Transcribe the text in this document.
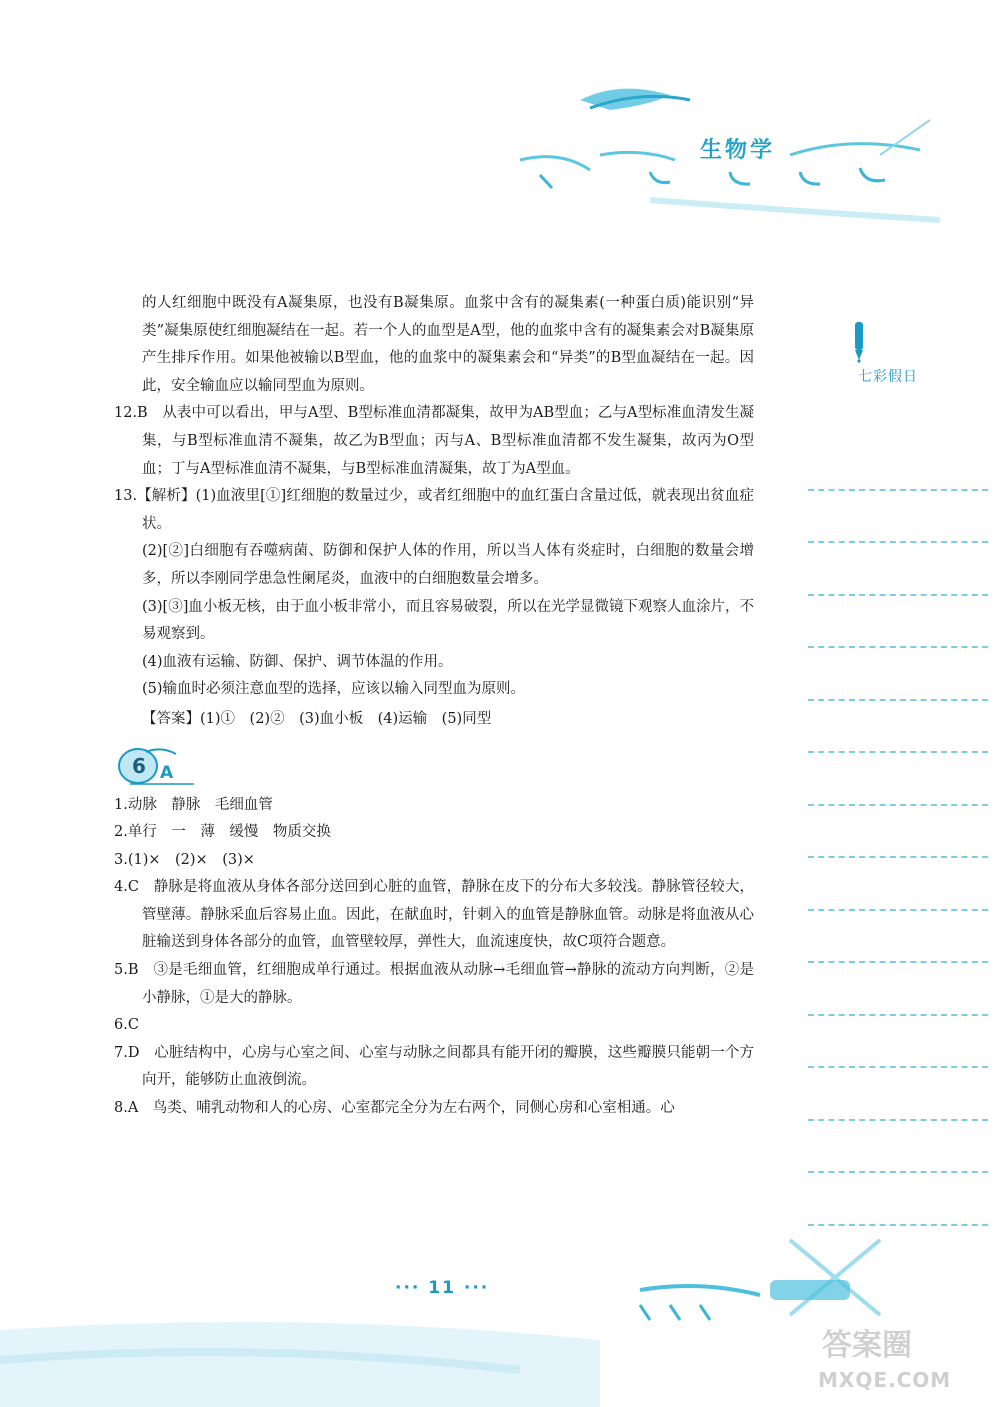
生物学
七彩假日

的人红细胞中既没有A凝集原，也没有B凝集原。血浆中含有的凝集素(一种蛋白质)能识别“异类”凝集原使红细胞凝结在一起。若一个人的血型是A型，他的血浆中含有的凝集素会对B凝集原产生排斥作用。如果他被输以B型血，他的血浆中的凝集素会和“异类”的B型血凝结在一起。因此，安全输血应以输同型血为原则。

12.B　从表中可以看出，甲与A型、B型标准血清都凝集，故甲为AB型血；乙与A型标准血清发生凝集，与B型标准血清不凝集，故乙为B型血；丙与A、B型标准血清都不发生凝集，故丙为O型血；丁与A型标准血清不凝集，与B型标准血清凝集，故丁为A型血。

13.【解析】(1)血液里[①]红细胞的数量过少，或者红细胞中的血红蛋白含量过低，就表现出贫血症状。

(2)[②]白细胞有吞噬病菌、防御和保护人体的作用，所以当人体有炎症时，白细胞的数量会增多，所以李刚同学患急性阑尾炎，血液中的白细胞数量会增多。

(3)[③]血小板无核，由于血小板非常小，而且容易破裂，所以在光学显微镜下观察人血涂片，不易观察到。

(4)血液有运输、防御、保护、调节体温的作用。

(5)输血时必须注意血型的选择，应该以输入同型血为原则。

【答案】(1)①　(2)②　(3)血小板　(4)运输　(5)同型

6 A

1.动脉　静脉　毛细血管

2.单行　一　薄　缓慢　物质交换

3.(1)×　(2)×　(3)×

4.C　静脉是将血液从身体各部分送回到心脏的血管，静脉在皮下的分布大多较浅。静脉管径较大，管壁薄。静脉采血后容易止血。因此，在献血时，针刺入的血管是静脉血管。动脉是将血液从心脏输送到身体各部分的血管，血管壁较厚，弹性大，血流速度快，故C项符合题意。

5.B　③是毛细血管，红细胞成单行通过。根据血液从动脉→毛细血管→静脉的流动方向判断，②是小静脉，①是大的静脉。

6.C

7.D　心脏结构中，心房与心室之间、心室与动脉之间都具有能开闭的瓣膜，这些瓣膜只能朝一个方向开，能够防止血液倒流。

8.A　鸟类、哺乳动物和人的心房、心室都完全分为左右两个，同侧心房和心室相通。心

··· 11 ···
答案圈
MXQE.COM
